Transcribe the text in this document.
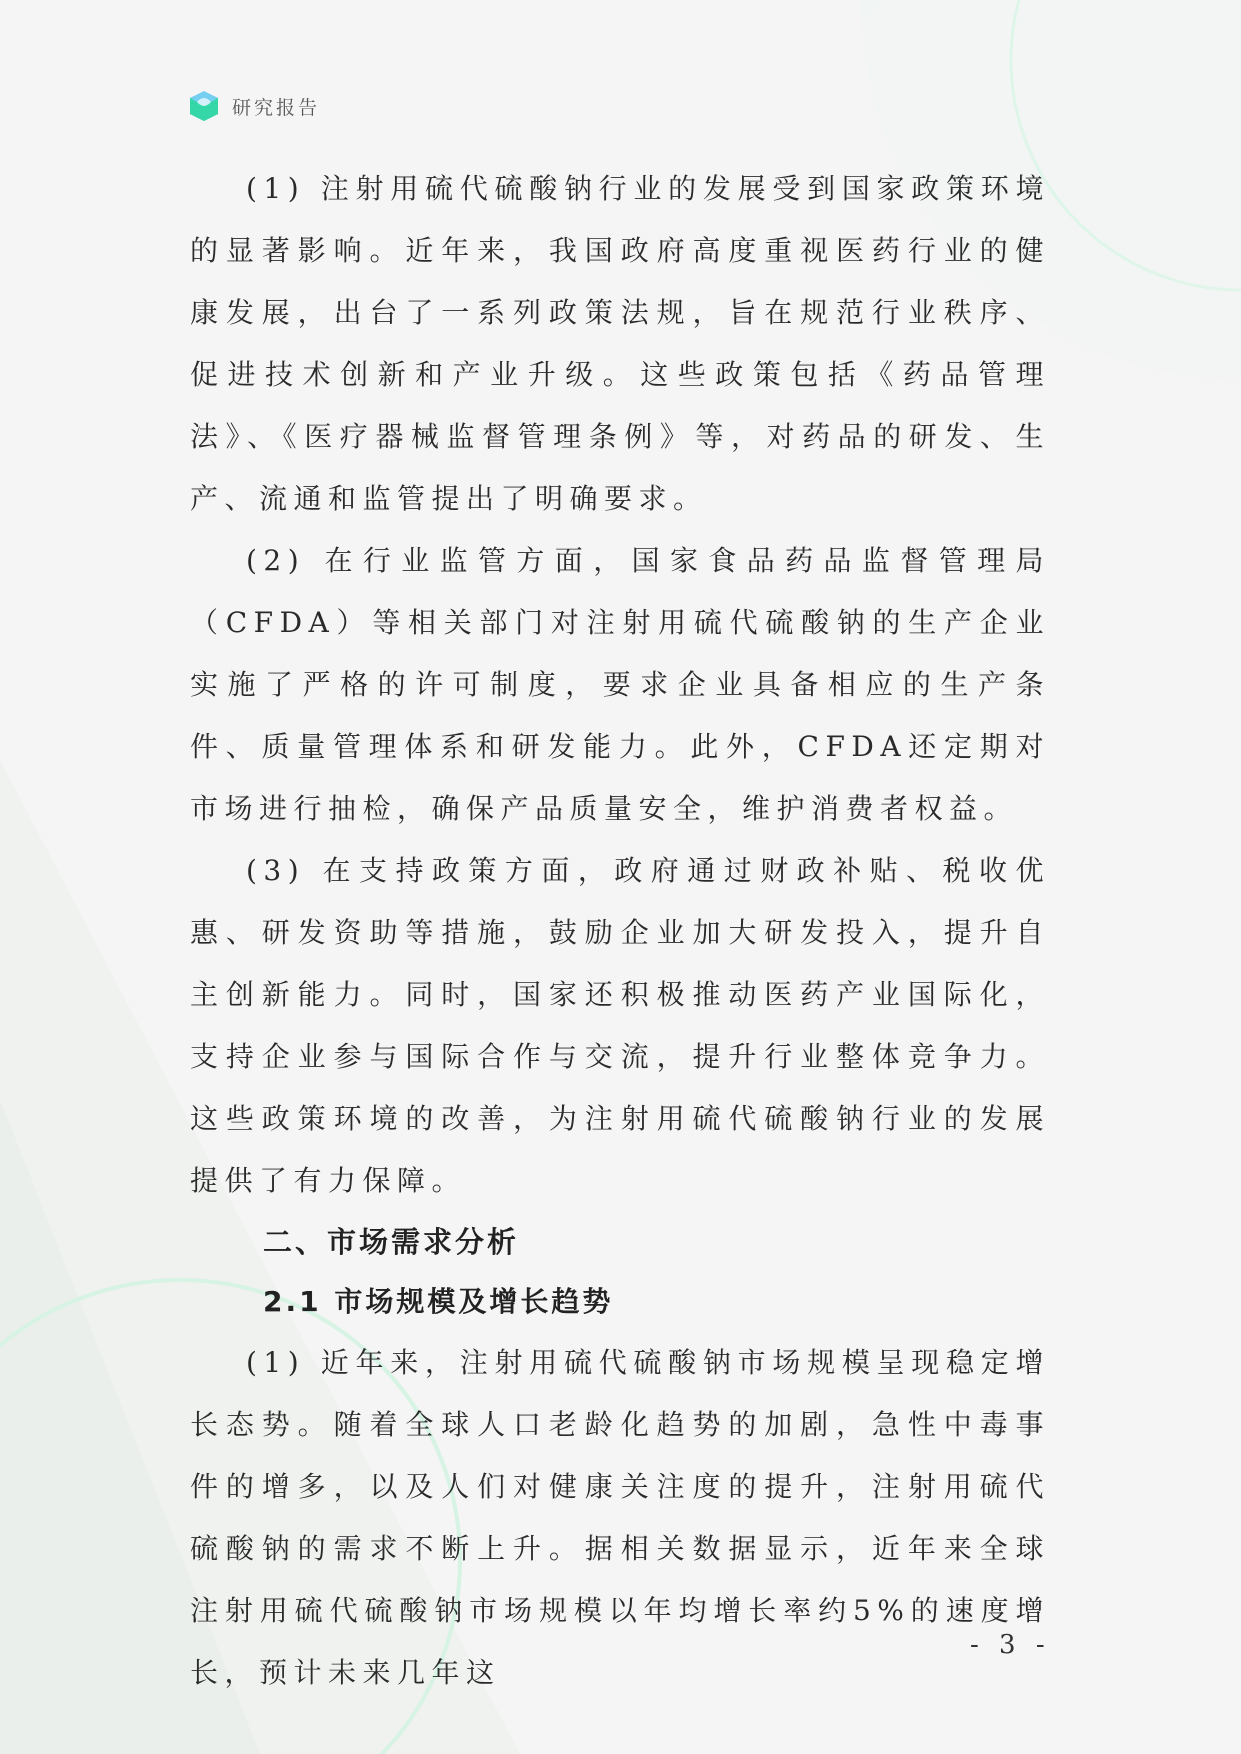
研究报告

(1) 注射用硫代硫酸钠行业的发展受到国家政策环境的显著影响。近年来，我国政府高度重视医药行业的健康发展，出台了一系列政策法规，旨在规范行业秩序、促进技术创新和产业升级。这些政策包括《药品管理法》、《医疗器械监督管理条例》等，对药品的研发、生产、流通和监管提出了明确要求。

(2) 在行业监管方面，国家食品药品监督管理局（CFDA）等相关部门对注射用硫代硫酸钠的生产企业实施了严格的许可制度，要求企业具备相应的生产条件、质量管理体系和研发能力。此外，CFDA还定期对市场进行抽检，确保产品质量安全，维护消费者权益。

(3) 在支持政策方面，政府通过财政补贴、税收优惠、研发资助等措施，鼓励企业加大研发投入，提升自主创新能力。同时，国家还积极推动医药产业国际化，支持企业参与国际合作与交流，提升行业整体竞争力。这些政策环境的改善，为注射用硫代硫酸钠行业的发展提供了有力保障。

二、市场需求分析
2.1 市场规模及增长趋势

(1) 近年来，注射用硫代硫酸钠市场规模呈现稳定增长态势。随着全球人口老龄化趋势的加剧，急性中毒事件的增多，以及人们对健康关注度的提升，注射用硫代硫酸钠的需求不断上升。据相关数据显示，近年来全球注射用硫代硫酸钠市场规模以年均增长率约5%的速度增长，预计未来几年这

- 3 -
